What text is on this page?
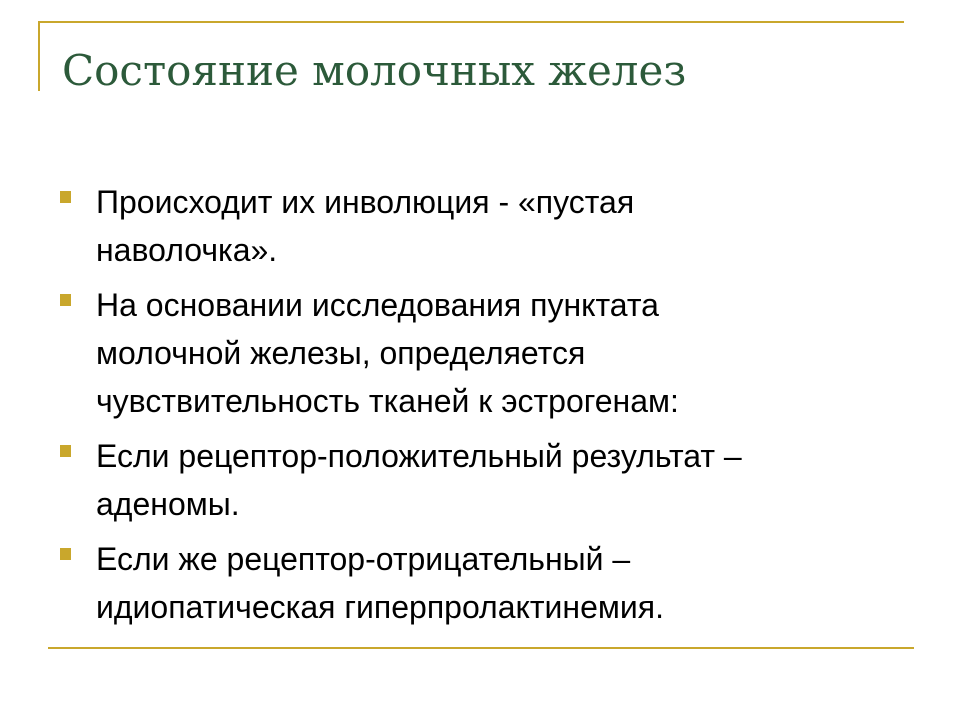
Состояние молочных желез
Происходит их инволюция - «пустая
наволочка».
На основании исследования пунктата
молочной железы, определяется
чувствительность тканей к эстрогенам:
Если рецептор-положительный результат –
аденомы.
Если же рецептор-отрицательный –
идиопатическая гиперпролактинемия.
